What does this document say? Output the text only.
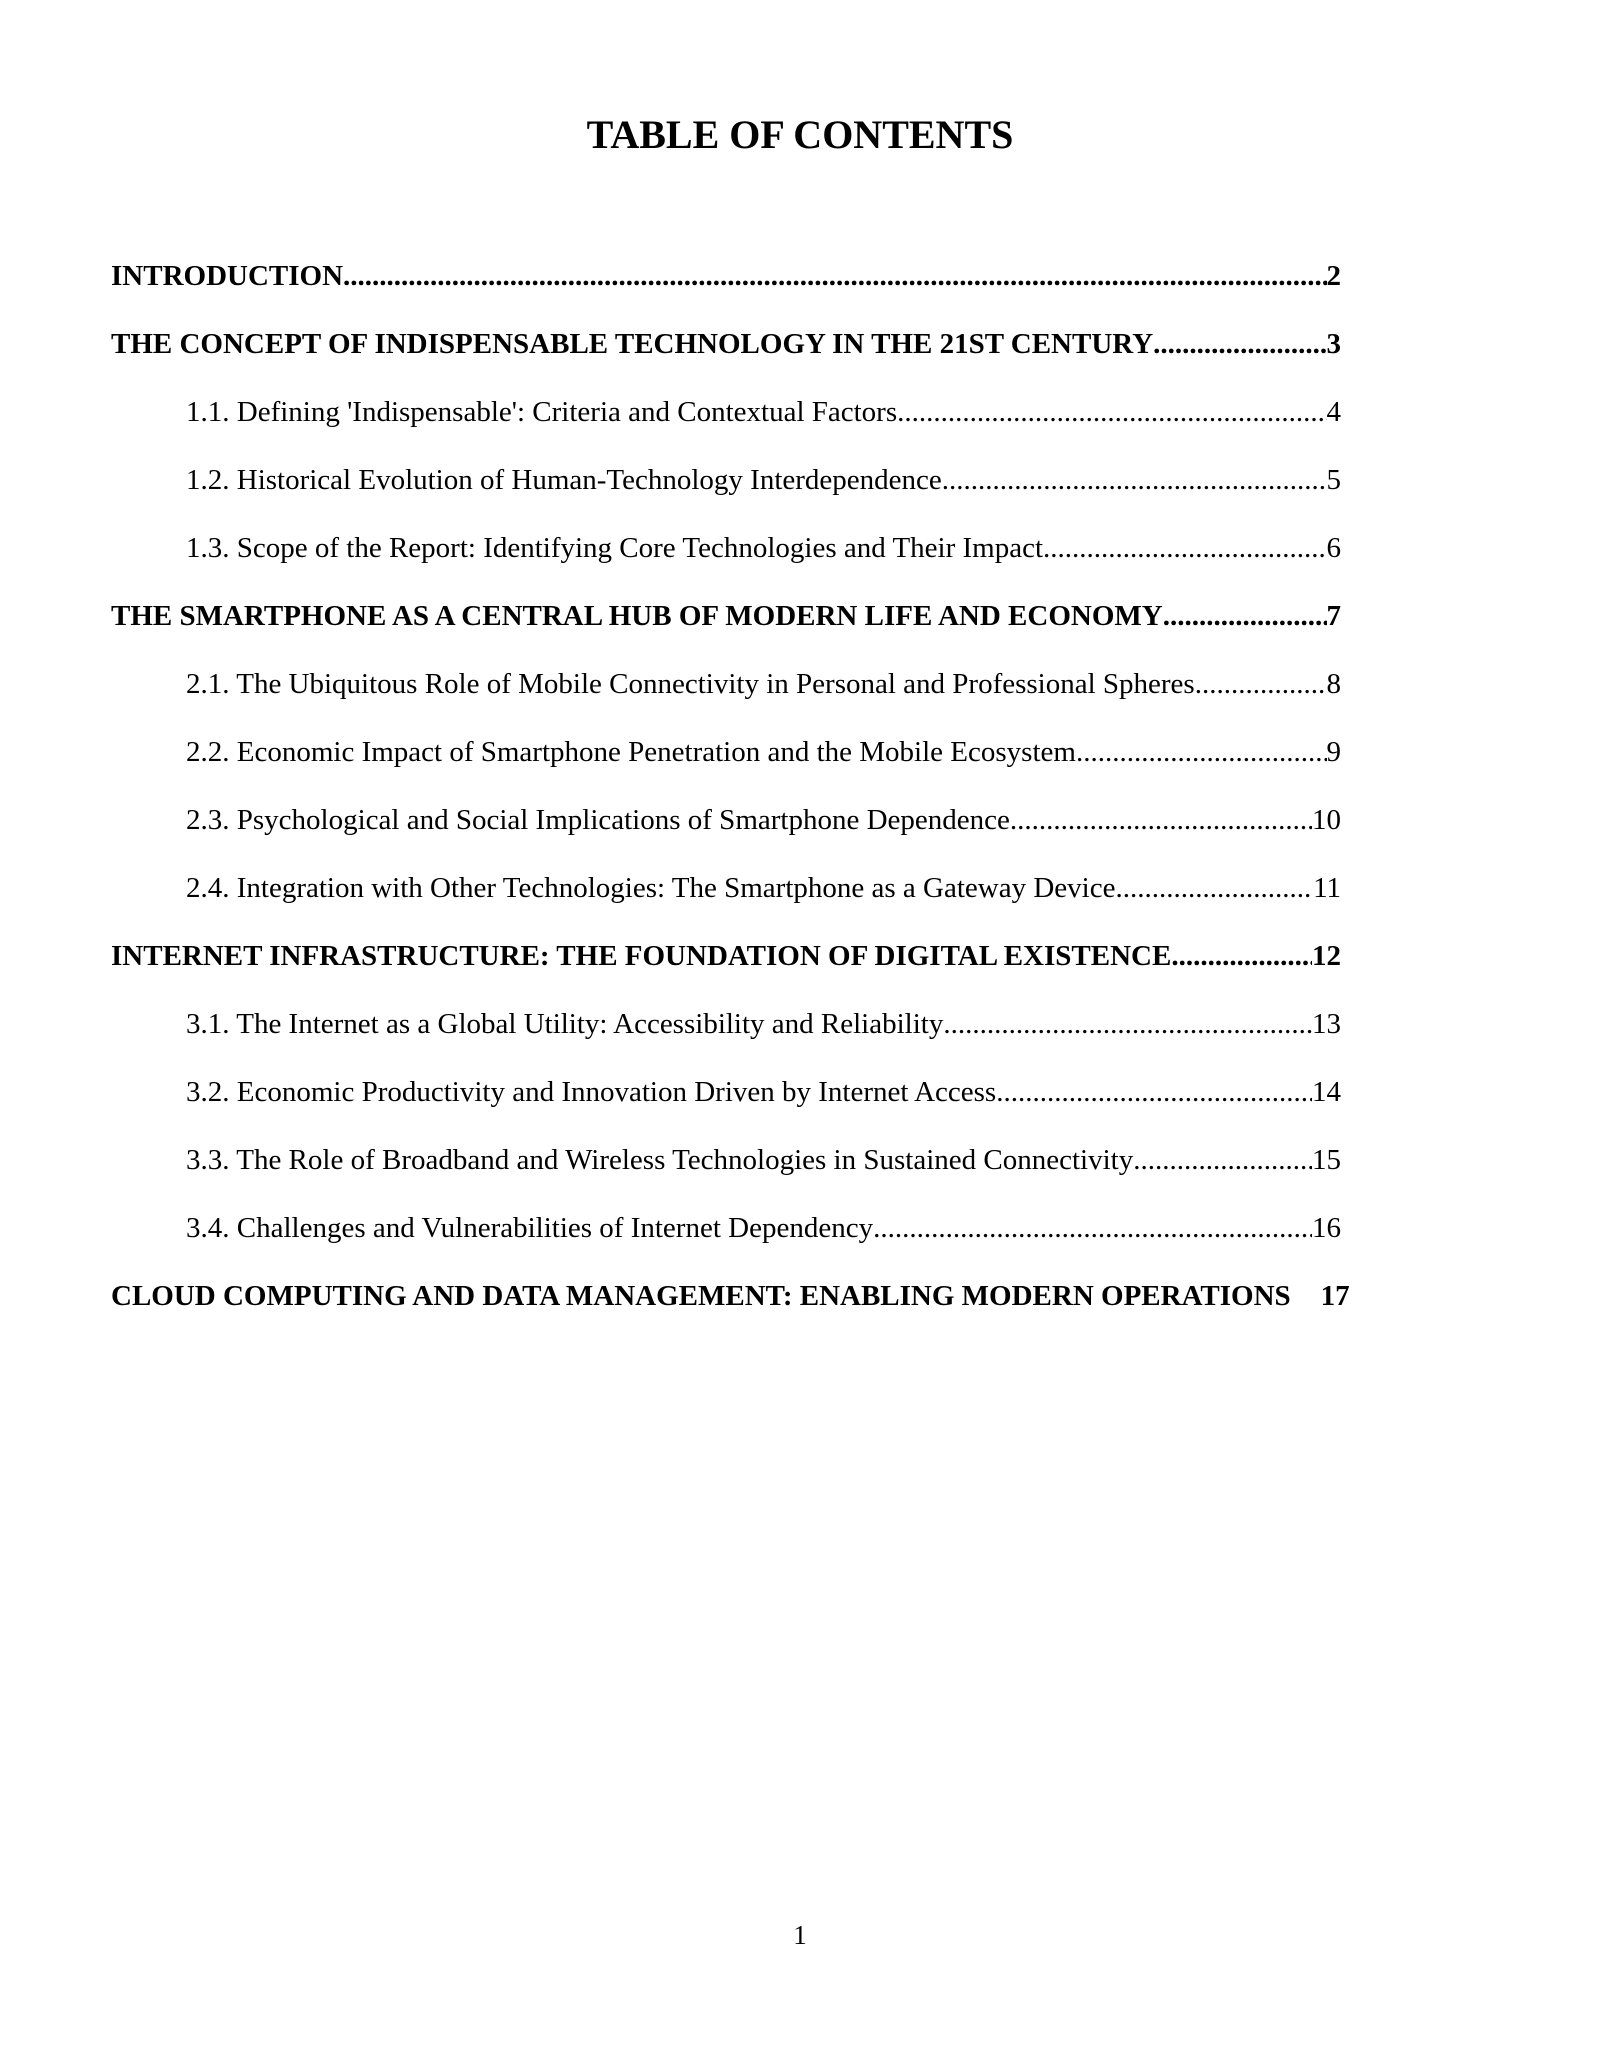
TABLE OF CONTENTS
INTRODUCTION .....	2
THE CONCEPT OF INDISPENSABLE TECHNOLOGY IN THE 21ST CENTURY .....	3
1.1. Defining 'Indispensable': Criteria and Contextual Factors .....	4
1.2. Historical Evolution of Human-Technology Interdependence .....	5
1.3. Scope of the Report: Identifying Core Technologies and Their Impact .....	6
THE SMARTPHONE AS A CENTRAL HUB OF MODERN LIFE AND ECONOMY .....	7
2.1. The Ubiquitous Role of Mobile Connectivity in Personal and Professional Spheres .....	8
2.2. Economic Impact of Smartphone Penetration and the Mobile Ecosystem .....	9
2.3. Psychological and Social Implications of Smartphone Dependence .....	10
2.4. Integration with Other Technologies: The Smartphone as a Gateway Device .....	11
INTERNET INFRASTRUCTURE: THE FOUNDATION OF DIGITAL EXISTENCE .....	12
3.1. The Internet as a Global Utility: Accessibility and Reliability .....	13
3.2. Economic Productivity and Innovation Driven by Internet Access .....	14
3.3. The Role of Broadband and Wireless Technologies in Sustained Connectivity .....	15
3.4. Challenges and Vulnerabilities of Internet Dependency .....	16
CLOUD COMPUTING AND DATA MANAGEMENT: ENABLING MODERN OPERATIONS 17
1
